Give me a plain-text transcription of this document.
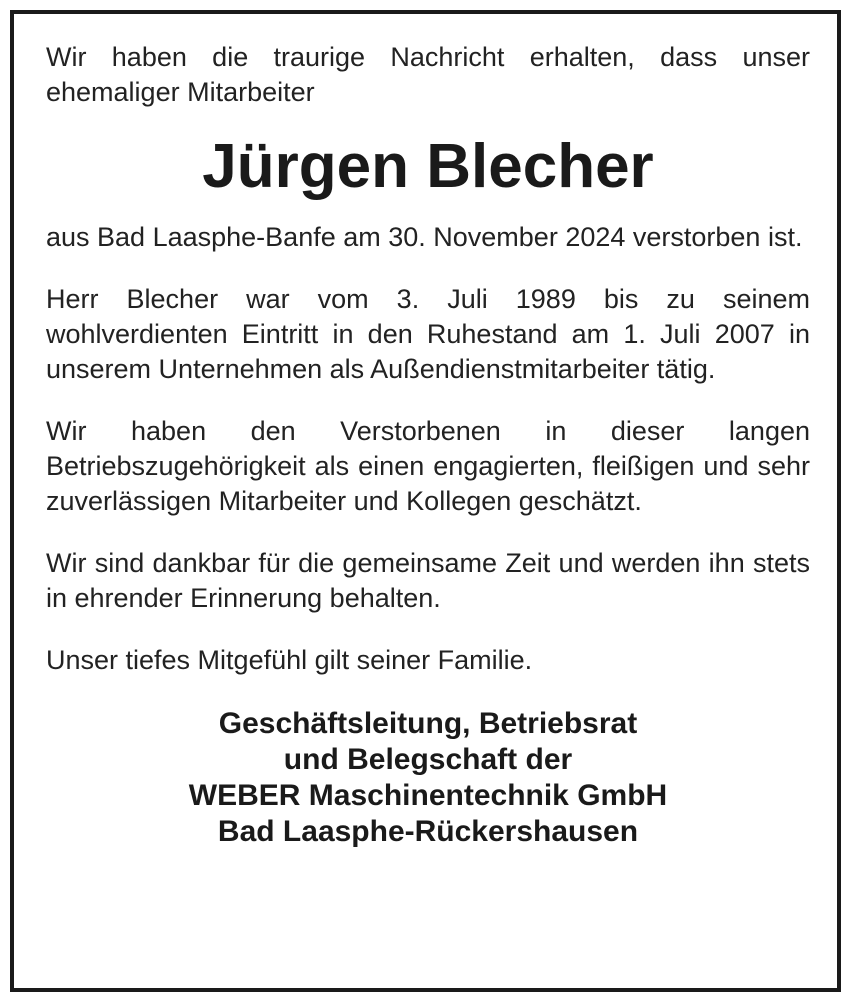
Wir haben die traurige Nachricht erhalten, dass unser ehemaliger Mitarbeiter

Jürgen Blecher

aus Bad Laasphe-Banfe am 30. November 2024 verstorben ist.

Herr Blecher war vom 3. Juli 1989 bis zu seinem wohlverdienten Eintritt in den Ruhestand am 1. Juli 2007 in unserem Unternehmen als Außendienstmitarbeiter tätig.

Wir haben den Verstorbenen in dieser langen Betriebszugehörigkeit als einen engagierten, fleißigen und sehr zuverlässigen Mitarbeiter und Kollegen geschätzt.

Wir sind dankbar für die gemeinsame Zeit und werden ihn stets in ehrender Erinnerung behalten.

Unser tiefes Mitgefühl gilt seiner Familie.

Geschäftsleitung, Betriebsrat
und Belegschaft der
WEBER Maschinentechnik GmbH
Bad Laasphe-Rückershausen
